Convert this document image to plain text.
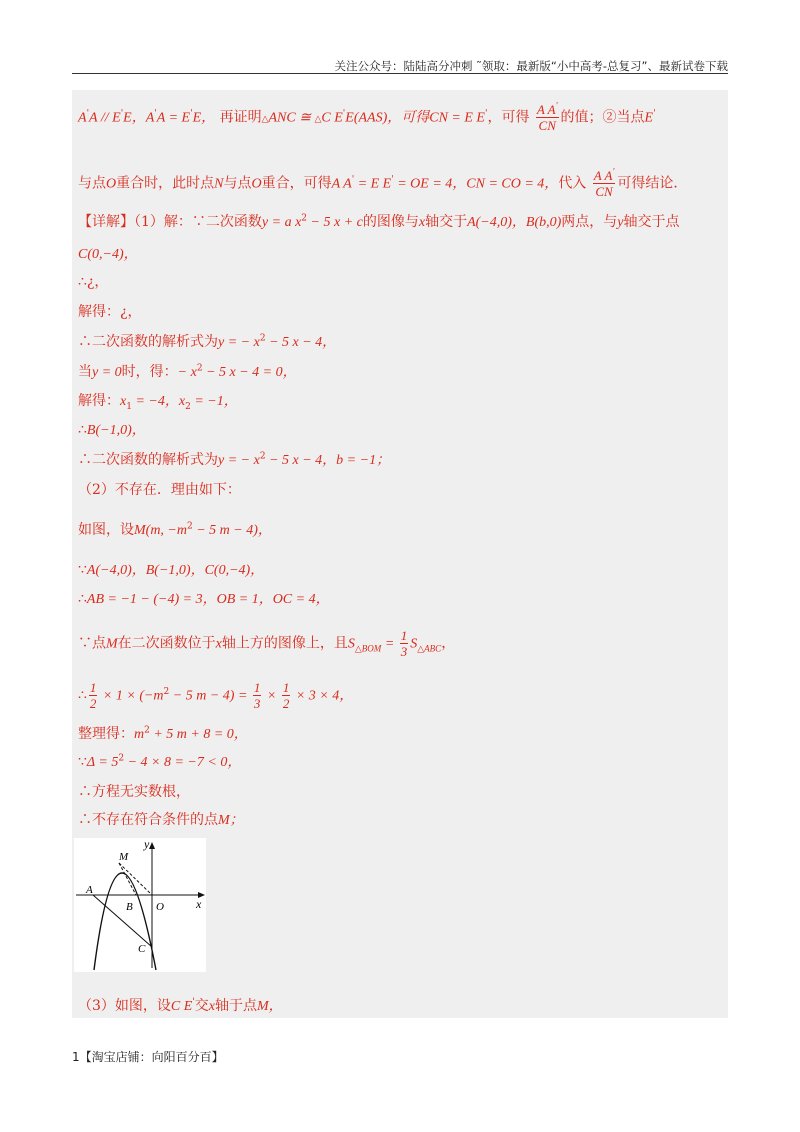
关注公众号：陆陆高分冲刺 ˜领取：最新版“小中高考-总复习”、最新试卷下载
A'A // E'E，A'A = E'E， 再证明△ANC ≅ △C E'E(AAS)，可得CN = E E'，可得 $\frac{A A'}{CN}$ 的值；②当点E'
与点O重合时，此时点N与点O重合，可得A A' = E E' = OE = 4，CN = CO = 4，代入 $\frac{A A'}{CN}$ 可得结论．
【详解】（1）解：∵二次函数y = a $x^2 - 5$ x + c的图像与x轴交于A(−4,0)，B(b,0)两点，与y轴交于点
C(0,−4)，
∴¿，
解得：¿，
∴二次函数的解析式为y = − $x^2 - 5$ x − 4，
当y = 0时，得：− $x^2 - 5$ x − 4 = 0，
解得：$x_1 = -4$，$x_2 = -1$，
∴B(−1,0)，
∴二次函数的解析式为y = − $x^2 - 5$ x − 4，b = −1；
（2）不存在．理由如下：
如图，设M(m, $-m^2 - 5$ m − 4)，
∵A(−4,0)，B(−1,0)，C(0,−4)，
∴AB = −1 − (−4) = 3，OB = 1，OC = 4，
∵点M在二次函数位于x轴上方的图像上，且$S_{\triangle BOM} = \frac{1}{3} S_{\triangle ABC}$，
∴ $\frac{1}{2} \times 1 \times (-m^2 - 5$ $m - 4) = \frac{1}{3} \times \frac{1}{2} \times 3 \times 4$，
整理得：$m^2 + 5$ m + 8 = 0，
∵Δ = $5^2 - 4 \times 8 = -7 < 0$，
∴方程无实数根，
∴不存在符合条件的点M；
y
x
M
A
B O
C
（3）如图，设C E'交x轴于点M，
1【淘宝店铺：向阳百分百】
